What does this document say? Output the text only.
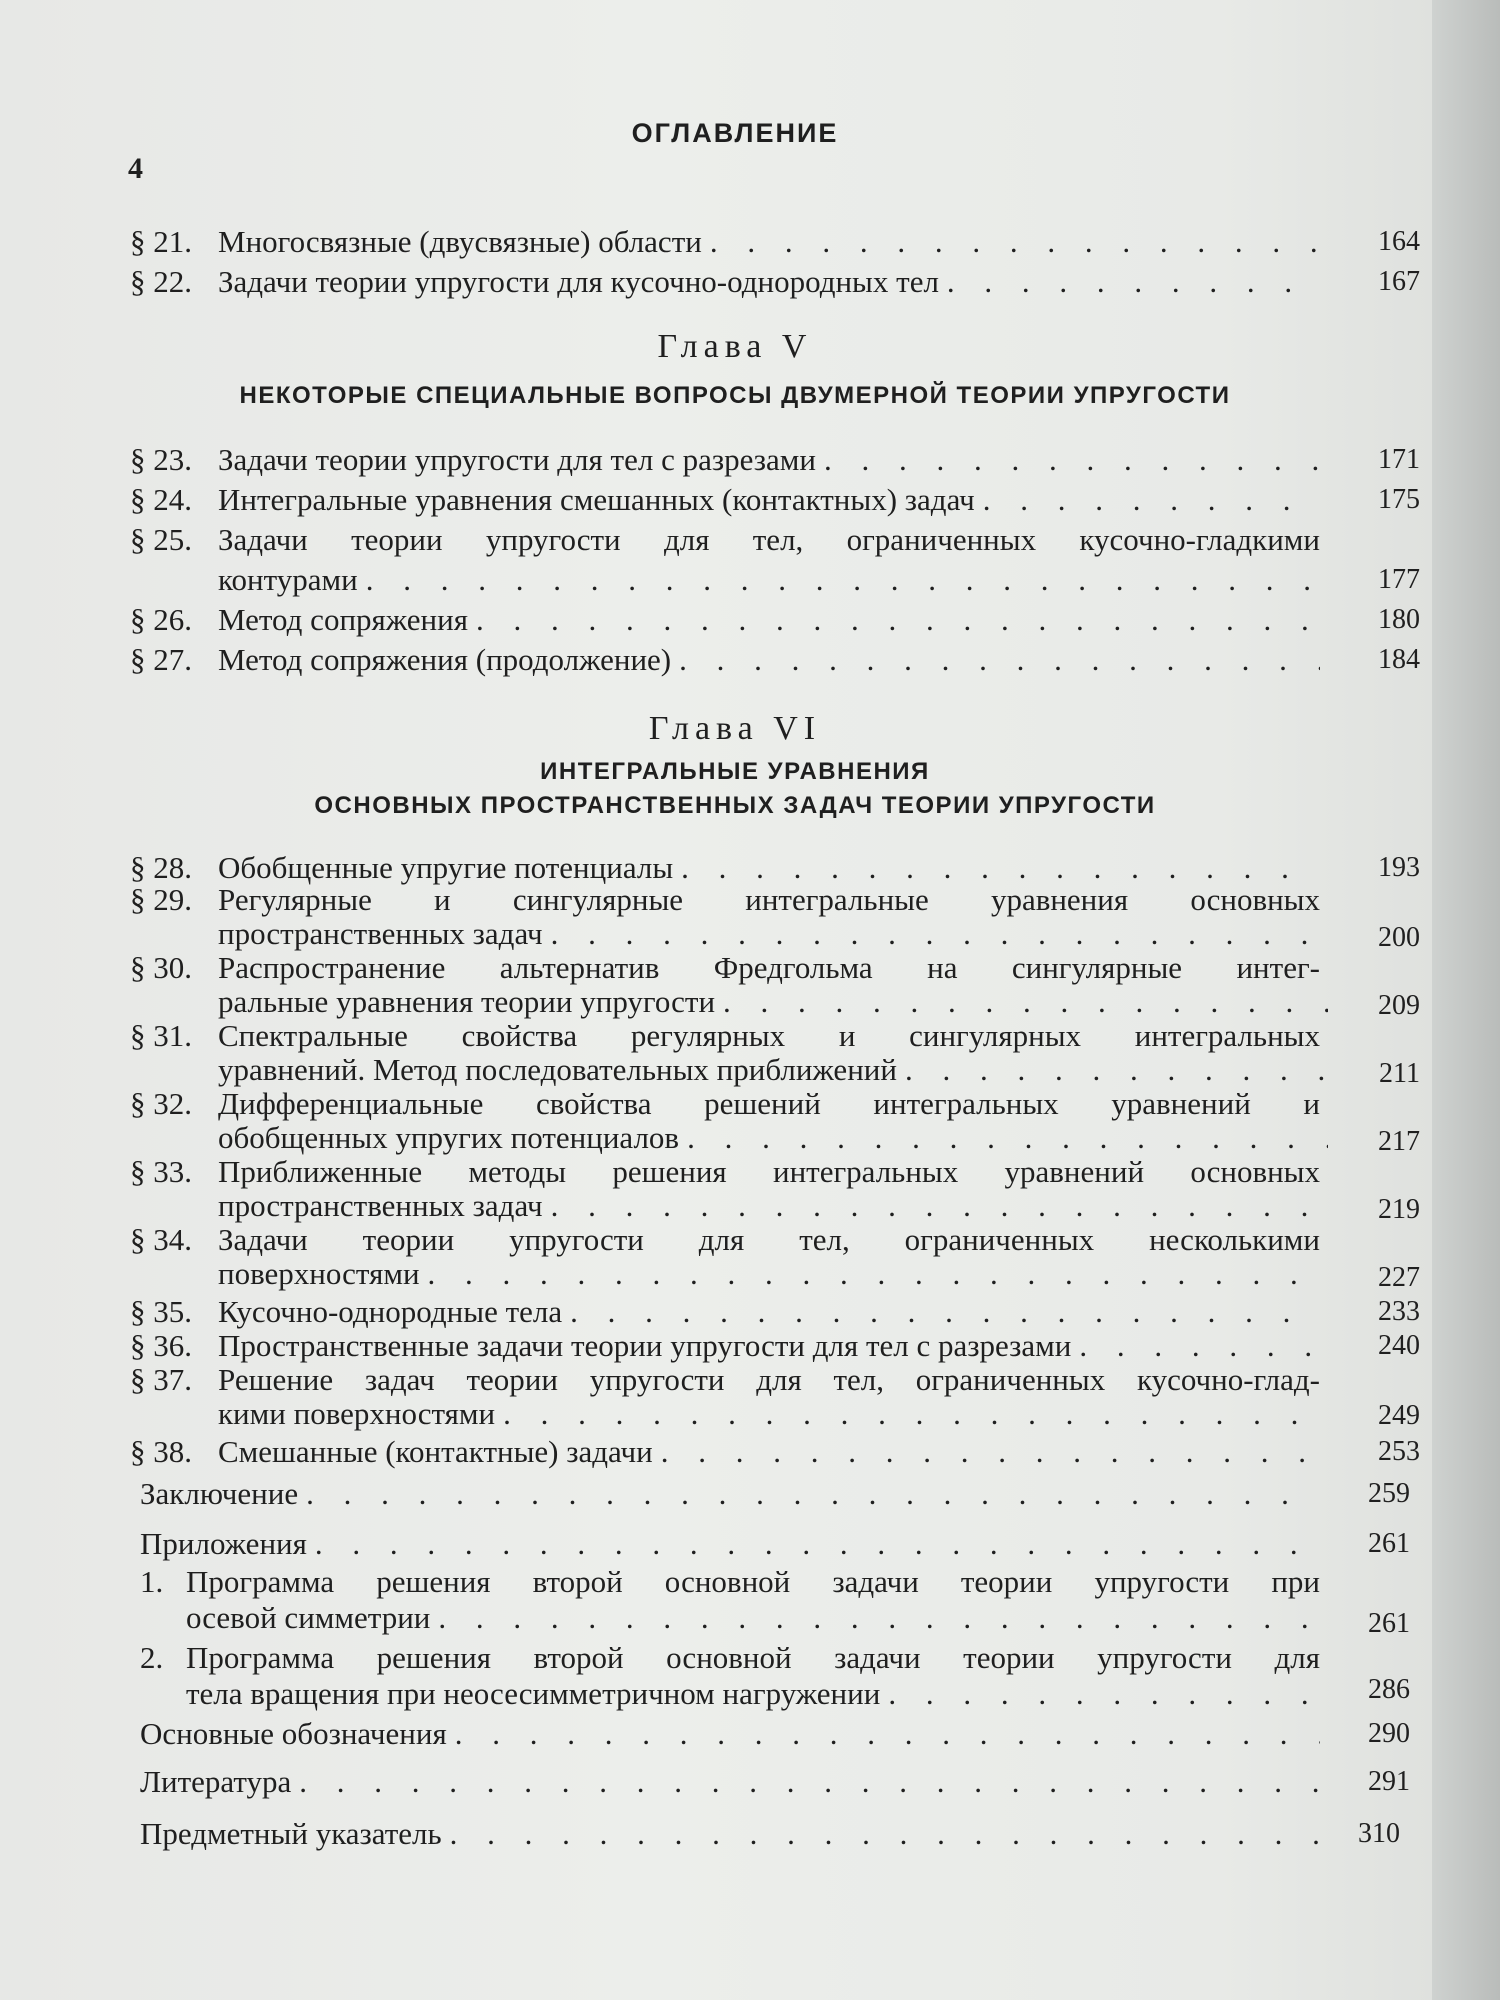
4
ОГЛАВЛЕНИЕ
§ 21. Многосвязные (двусвязные) области . . .	164
§ 22. Задачи теории упругости для кусочно-однородных тел . . .	167
Глава V
НЕКОТОРЫЕ СПЕЦИАЛЬНЫЕ ВОПРОСЫ ДВУМЕРНОЙ ТЕОРИИ УПРУГОСТИ
§ 23. Задачи теории упругости для тел с разрезами . . .	171
§ 24. Интегральные уравнения смешанных (контактных) задач . . .	175
§ 25. Задачи теории упругости для тел, ограниченных кусочно-гладкими
контурами . . .	177
§ 26. Метод сопряжения . . .	180
§ 27. Метод сопряжения (продолжение) . . .	184
Глава VI
ИНТЕГРАЛЬНЫЕ УРАВНЕНИЯ
ОСНОВНЫХ ПРОСТРАНСТВЕННЫХ ЗАДАЧ ТЕОРИИ УПРУГОСТИ
§ 28. Обобщенные упругие потенциалы . . .	193
§ 29. Регулярные и сингулярные интегральные уравнения основных
пространственных задач . . .	200
§ 30. Распространение альтернатив Фредгольма на сингулярные интег-
ральные уравнения теории упругости . . .	209
§ 31. Спектральные свойства регулярных и сингулярных интегральных
уравнений. Метод последовательных приближений . . .	211
§ 32. Дифференциальные свойства решений интегральных уравнений и
обобщенных упругих потенциалов . . .	217
§ 33. Приближенные методы решения интегральных уравнений основных
пространственных задач . . .	219
§ 34. Задачи теории упругости для тел, ограниченных несколькими
поверхностями . . .	227
§ 35. Кусочно-однородные тела . . .	233
§ 36. Пространственные задачи теории упругости для тел с разрезами . . .	240
§ 37. Решение задач теории упругости для тел, ограниченных кусочно-глад-
кими поверхностями . . .	249
§ 38. Смешанные (контактные) задачи . . .	253
Заключение . . .	259
Приложения . . .	261
1. Программа решения второй основной задачи теории упругости при
осевой симметрии . . .	261
2. Программа решения второй основной задачи теории упругости для
тела вращения при неосесимметричном нагружении . . .	286
Основные обозначения . . .	290
Литература . . .	291
Предметный указатель . . .	310
